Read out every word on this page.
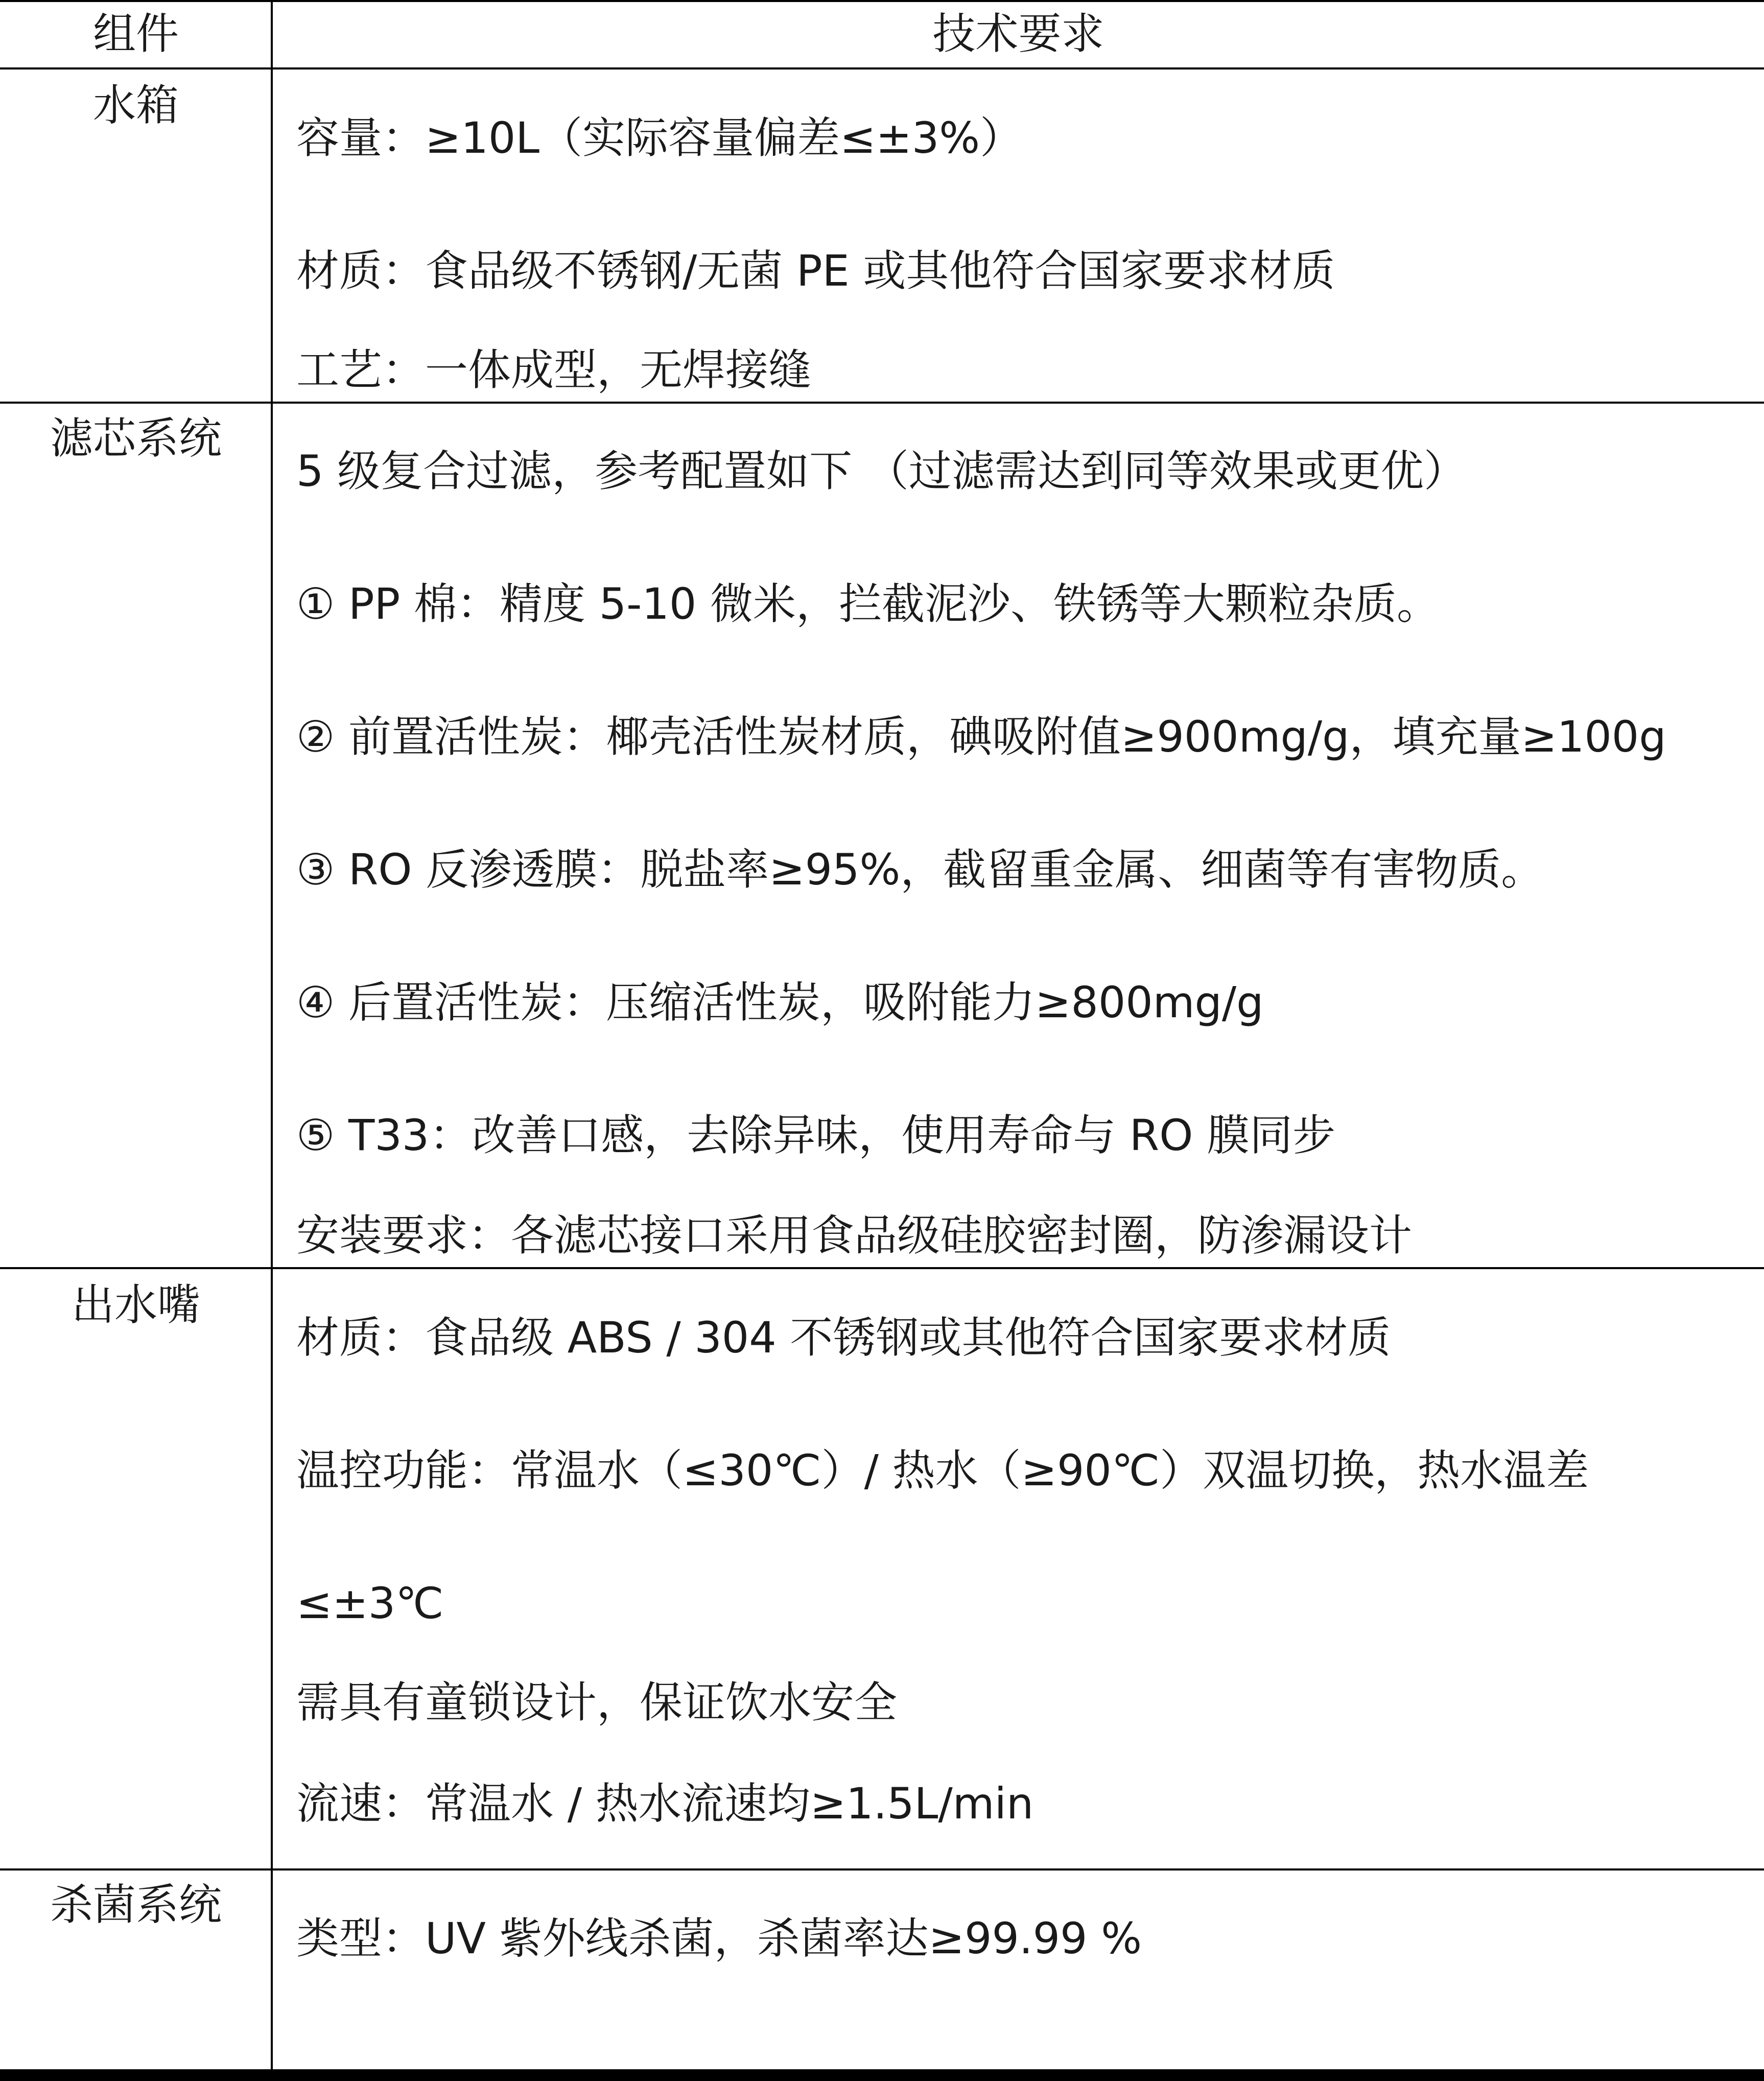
组件	技术要求
水箱
容量：≥10L（实际容量偏差≤±3%）
材质：食品级不锈钢/无菌 PE 或其他符合国家要求材质
工艺：一体成型，无焊接缝
滤芯系统
5 级复合过滤，参考配置如下 （过滤需达到同等效果或更优）
① PP 棉：精度 5-10 微米，拦截泥沙、铁锈等大颗粒杂质。
② 前置活性炭：椰壳活性炭材质，碘吸附值≥900mg/g，填充量≥100g
③ RO 反渗透膜：脱盐率≥95%，截留重金属、细菌等有害物质。
④ 后置活性炭：压缩活性炭，吸附能力≥800mg/g
⑤ T33：改善口感，去除异味，使用寿命与 RO 膜同步
安装要求：各滤芯接口采用食品级硅胶密封圈，防渗漏设计
出水嘴
材质：食品级 ABS / 304 不锈钢或其他符合国家要求材质
温控功能：常温水（≤30℃）/ 热水（≥90℃）双温切换，热水温差
≤±3℃
需具有童锁设计，保证饮水安全
流速：常温水 / 热水流速均≥1.5L/min
杀菌系统
类型：UV 紫外线杀菌，杀菌率达≥99.99 %
